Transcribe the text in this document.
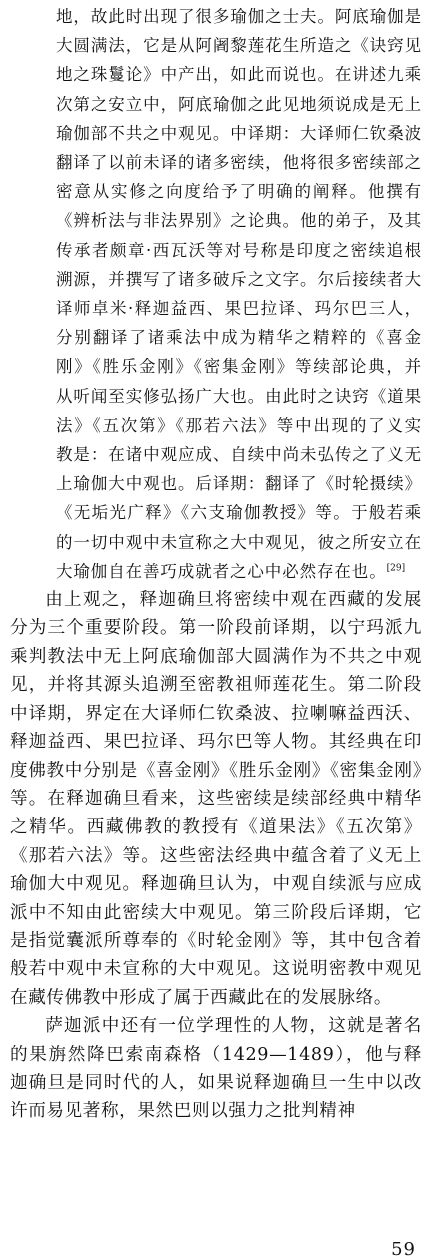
地，故此时出现了很多瑜伽之士夫。阿底瑜伽是大圆满法，它是从阿阇黎莲花生所造之《诀窍见地之珠鬘论》中产出，如此而说也。在讲述九乘次第之安立中，阿底瑜伽之此见地须说成是无上瑜伽部不共之中观见。中译期：大译师仁钦桑波翻译了以前未译的诸多密续，他将很多密续部之密意从实修之向度给予了明确的阐释。他撰有《辨析法与非法界别》之论典。他的弟子，及其传承者颇章·西瓦沃等对号称是印度之密续追根溯源，并撰写了诸多破斥之文字。尔后接续者大译师卓米·释迦益西、果巴拉译、玛尔巴三人，分别翻译了诸乘法中成为精华之精粹的《喜金刚》《胜乐金刚》《密集金刚》等续部论典，并从听闻至实修弘扬广大也。由此时之诀窍《道果法》《五次第》《那若六法》等中出现的了义实教是：在诸中观应成、自续中尚未弘传之了义无上瑜伽大中观也。后译期：翻译了《时轮摄续》《无垢光广释》《六支瑜伽教授》等。于般若乘的一切中观中未宣称之大中观见，彼之所安立在大瑜伽自在善巧成就者之心中必然存在也。[29]

由上观之，释迦确旦将密续中观在西藏的发展分为三个重要阶段。第一阶段前译期，以宁玛派九乘判教法中无上阿底瑜伽部大圆满作为不共之中观见，并将其源头追溯至密教祖师莲花生。第二阶段中译期，界定在大译师仁钦桑波、拉喇嘛益西沃、释迦益西、果巴拉译、玛尔巴等人物。其经典在印度佛教中分别是《喜金刚》《胜乐金刚》《密集金刚》等。在释迦确旦看来，这些密续是续部经典中精华之精华。西藏佛教的教授有《道果法》《五次第》《那若六法》等。这些密法经典中蕴含着了义无上瑜伽大中观见。释迦确旦认为，中观自续派与应成派中不知由此密续大中观见。第三阶段后译期，它是指觉囊派所尊奉的《时轮金刚》等，其中包含着般若中观中未宣称的大中观见。这说明密教中观见在藏传佛教中形成了属于西藏此在的发展脉络。

萨迦派中还有一位学理性的人物，这就是著名的果旃然降巴索南森格（1429—1489），他与释迦确旦是同时代的人，如果说释迦确旦一生中以改许而易见著称，果然巴则以强力之批判精神

59
